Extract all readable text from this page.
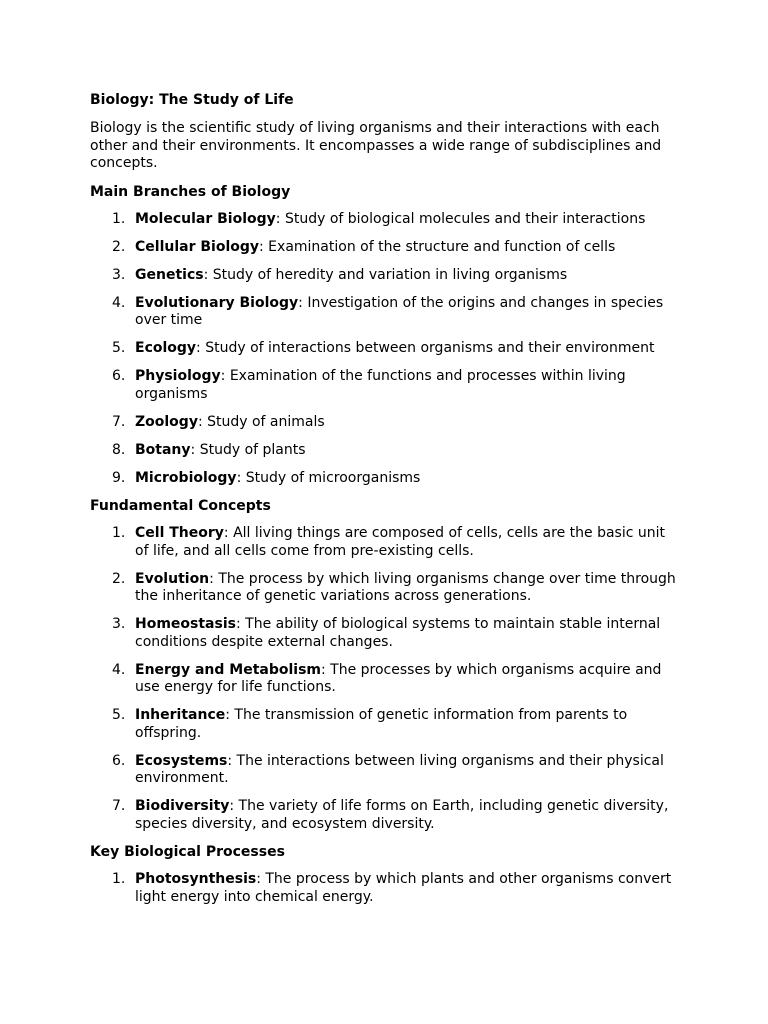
Biology: The Study of Life
Biology is the scientific study of living organisms and their interactions with each other and their environments. It encompasses a wide range of subdisciplines and concepts.
Main Branches of Biology
1. Molecular Biology: Study of biological molecules and their interactions
2. Cellular Biology: Examination of the structure and function of cells
3. Genetics: Study of heredity and variation in living organisms
4. Evolutionary Biology: Investigation of the origins and changes in species over time
5. Ecology: Study of interactions between organisms and their environment
6. Physiology: Examination of the functions and processes within living organisms
7. Zoology: Study of animals
8. Botany: Study of plants
9. Microbiology: Study of microorganisms
Fundamental Concepts
1. Cell Theory: All living things are composed of cells, cells are the basic unit of life, and all cells come from pre-existing cells.
2. Evolution: The process by which living organisms change over time through the inheritance of genetic variations across generations.
3. Homeostasis: The ability of biological systems to maintain stable internal conditions despite external changes.
4. Energy and Metabolism: The processes by which organisms acquire and use energy for life functions.
5. Inheritance: The transmission of genetic information from parents to offspring.
6. Ecosystems: The interactions between living organisms and their physical environment.
7. Biodiversity: The variety of life forms on Earth, including genetic diversity, species diversity, and ecosystem diversity.
Key Biological Processes
1. Photosynthesis: The process by which plants and other organisms convert light energy into chemical energy.
